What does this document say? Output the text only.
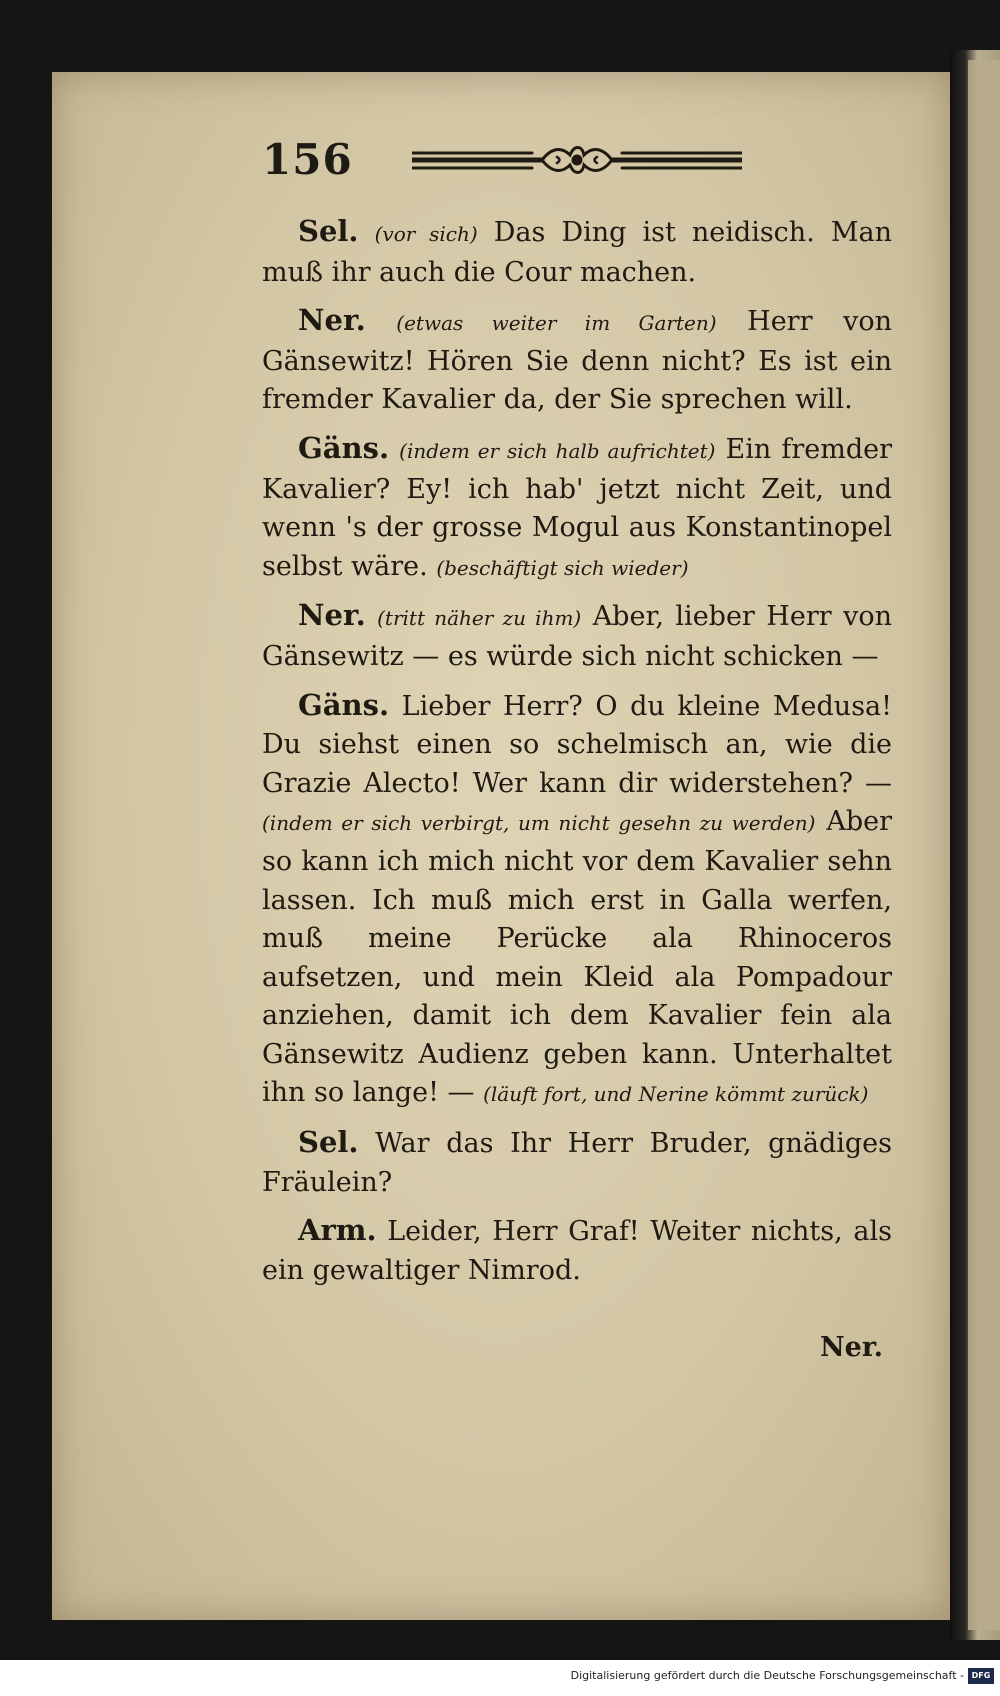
156

Sel. (vor sich) Das Ding ist neidisch. Man muß ihr auch die Cour machen.

Ner. (etwas weiter im Garten) Herr von Gänsewitz! Hören Sie denn nicht? Es ist ein fremder Kavalier da, der Sie sprechen will.

Gäns. (indem er sich halb aufrichtet) Ein fremder Kavalier? Ey! ich hab' jetzt nicht Zeit, und wenn 's der grosse Mogul aus Konstantinopel selbst wäre. (beschäftigt sich wieder)

Ner. (tritt näher zu ihm) Aber, lieber Herr von Gänsewitz — es würde sich nicht schicken —

Gäns. Lieber Herr? O du kleine Medusa! Du siehst einen so schelmisch an, wie die Grazie Alecto! Wer kann dir widerstehen? — (indem er sich verbirgt, um nicht gesehn zu werden) Aber so kann ich mich nicht vor dem Kavalier sehn lassen. Ich muß mich erst in Galla werfen, muß meine Perücke ala Rhinoceros aufsetzen, und mein Kleid ala Pompadour anziehen, damit ich dem Kavalier fein ala Gänsewitz Audienz geben kann. Unterhaltet ihn so lange! — (läuft fort, und Nerine kömmt zurück)

Sel. War das Ihr Herr Bruder, gnädiges Fräulein?

Arm. Leider, Herr Graf! Weiter nichts, als ein gewaltiger Nimrod.

Ner.
Digitalisierung gefördert durch die Deutsche Forschungsgemeinschaft - DFG
